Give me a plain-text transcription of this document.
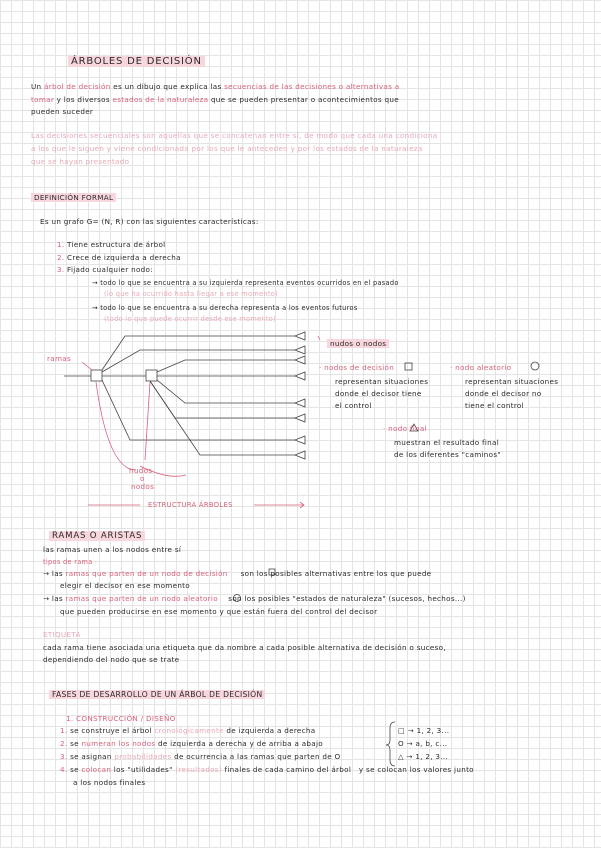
ÁRBOLES DE DECISIÓN
Un árbol de decisión es un dibujo que explica las secuencias de las decisiones o alternativas a
tomar y los diversos estados de la naturaleza que se pueden presentar o acontecimientos que
pueden suceder
Las decisiones secuenciales son aquellas que se concatenan entre sí, de modo que cada una condiciona
a los que le siguen y viene condicionada por los que le anteceden y por los estados de la naturaleza
que se hayan presentado
DEFINICIÓN FORMAL
Es un grafo G= (N, R) con las siguientes características:
1. Tiene estructura de árbol
2. Crece de izquierda a derecha
3. Fijado cualquier nodo:
→ todo lo que se encuentra a su izquierda representa eventos ocurridos en el pasado
(lo que ha ocurrido hasta llegar a ese momento)
→ todo lo que se encuentra a su derecha representa a los eventos futuros
(todo lo que puede ocurrir desde ese momento)
nudos o nodos
ramas
nudos
o
nodos
ESTRUCTURA ÁRBOLES
· nodos de decisión
representan situaciones
donde el decisor tiene
el control
· nodo aleatorio
representan situaciones
donde el decisor no
tiene el control
· nodo final
muestran el resultado final
de los diferentes "caminos"
RAMAS O ARISTAS
las ramas unen a los nodos entre sí
tipos de rama
→ las ramas que parten de un nodo de decisión son los posibles alternativas entre los que puede
elegir el decisor en ese momento
→ las ramas que parten de un nodo aleatorio son los posibles "estados de naturaleza" (sucesos, hechos...)
que pueden producirse en ese momento y que están fuera del control del decisor
ETIQUETA
cada rama tiene asociada una etiqueta que da nombre a cada posible alternativa de decisión o suceso,
dependiendo del nodo que se trate
FASES DE DESARROLLO DE UN ÁRBOL DE DECISIÓN
1. CONSTRUCCIÓN / DISEÑO
1. se construye el árbol cronológicamente de izquierda a derecha
2. se numeran los nodos de izquierda a derecha y de arriba a abajo
3. se asignan probabilidades de ocurrencia a las ramas que parten de O
4. se colocan los "utilidades" (resultados) finales de cada camino del árbol y se colocan los valores junto
a los nodos finales
□ → 1, 2, 3...
O → a, b, c...
△ → 1, 2, 3...
